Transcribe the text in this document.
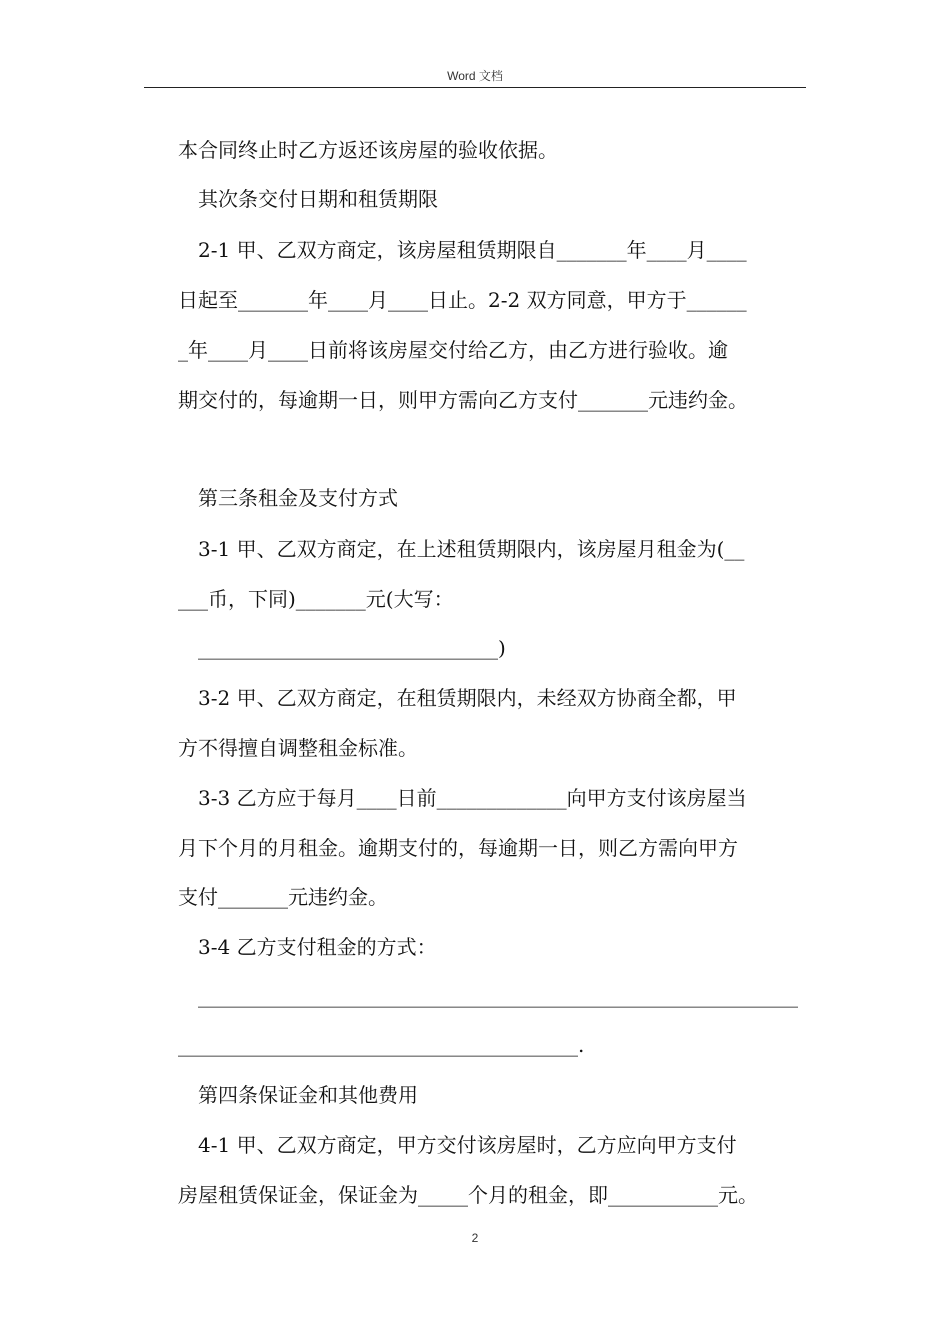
Word 文档
本合同终止时乙方返还该房屋的验收依据。
其次条交付日期和租赁期限
2-1 甲、乙双方商定，该房屋租赁期限自_______年____月____
日起至_______年____月____日止。2-2 双方同意，甲方于______
_年____月____日前将该房屋交付给乙方，由乙方进行验收。逾
期交付的，每逾期一日，则甲方需向乙方支付_______元违约金。
第三条租金及支付方式
3-1 甲、乙双方商定，在上述租赁期限内，该房屋月租金为(__
___币，下同)_______元(大写：
______________________________)
3-2 甲、乙双方商定，在租赁期限内，未经双方协商全都，甲
方不得擅自调整租金标准。
3-3 乙方应于每月____日前_____________向甲方支付该房屋当
月下个月的月租金。逾期支付的，每逾期一日，则乙方需向甲方
支付_______元违约金。
3-4 乙方支付租金的方式：
____________________________________________________________
________________________________________.
第四条保证金和其他费用
4-1 甲、乙双方商定，甲方交付该房屋时，乙方应向甲方支付
房屋租赁保证金，保证金为_____个月的租金，即___________元。
2
